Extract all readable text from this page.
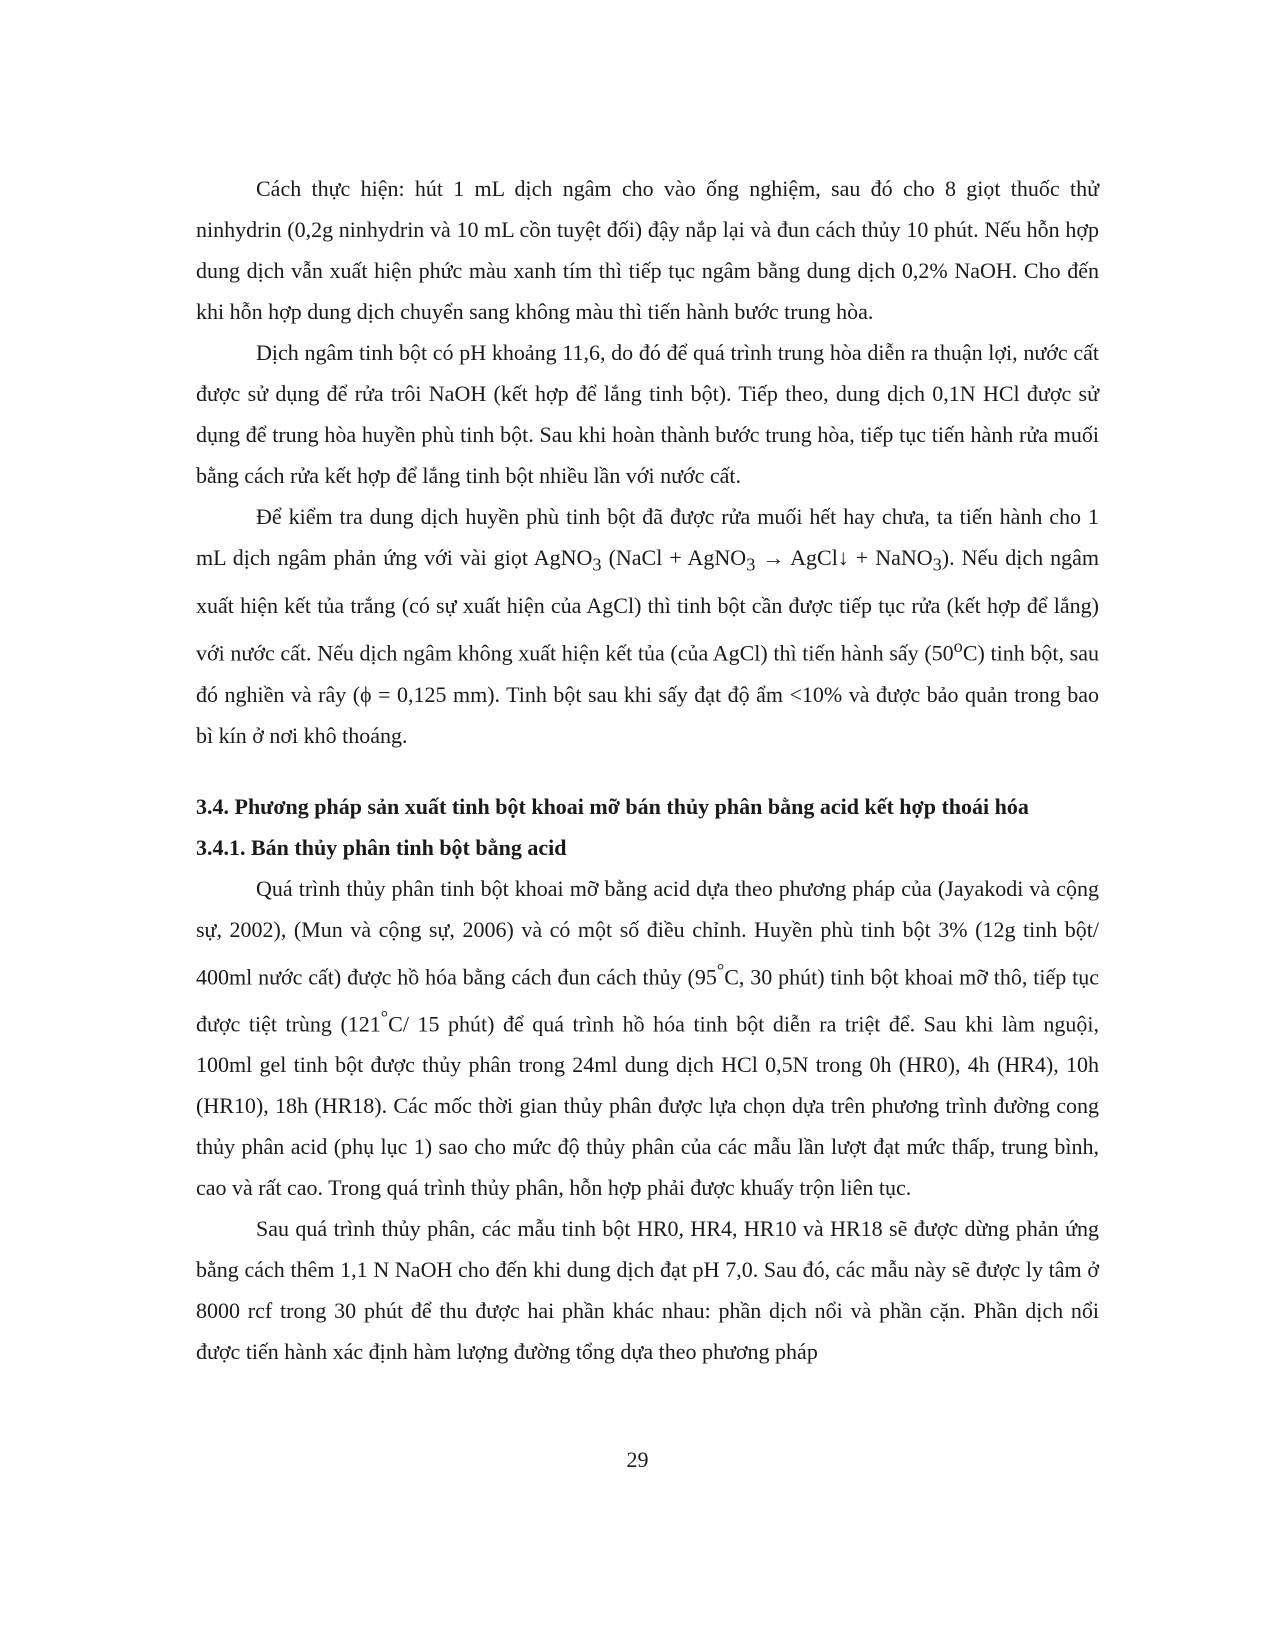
Cách thực hiện: hút 1 mL dịch ngâm cho vào ống nghiệm, sau đó cho 8 giọt thuốc thử ninhydrin (0,2g ninhydrin và 10 mL cồn tuyệt đối) đậy nắp lại và đun cách thủy 10 phút. Nếu hỗn hợp dung dịch vẫn xuất hiện phức màu xanh tím thì tiếp tục ngâm bằng dung dịch 0,2% NaOH. Cho đến khi hỗn hợp dung dịch chuyển sang không màu thì tiến hành bước trung hòa.

Dịch ngâm tinh bột có pH khoảng 11,6, do đó để quá trình trung hòa diễn ra thuận lợi, nước cất được sử dụng để rửa trôi NaOH (kết hợp để lắng tinh bột). Tiếp theo, dung dịch 0,1N HCl được sử dụng để trung hòa huyền phù tinh bột. Sau khi hoàn thành bước trung hòa, tiếp tục tiến hành rửa muối bằng cách rửa kết hợp để lắng tinh bột nhiều lần với nước cất.

Để kiểm tra dung dịch huyền phù tinh bột đã được rửa muối hết hay chưa, ta tiến hành cho 1 mL dịch ngâm phản ứng với vài giọt AgNO$_3$ (NaCl + AgNO$_3$ → AgCl↓ + NaNO$_3$). Nếu dịch ngâm xuất hiện kết tủa trắng (có sự xuất hiện của AgCl) thì tinh bột cần được tiếp tục rửa (kết hợp để lắng) với nước cất. Nếu dịch ngâm không xuất hiện kết tủa (của AgCl) thì tiến hành sấy (50$^o$C) tinh bột, sau đó nghiền và rây (ϕ = 0,125 mm). Tinh bột sau khi sấy đạt độ ẩm <10% và được bảo quản trong bao bì kín ở nơi khô thoáng.

3.4. Phương pháp sản xuất tinh bột khoai mỡ bán thủy phân bằng acid kết hợp thoái hóa
3.4.1. Bán thủy phân tinh bột bằng acid

Quá trình thủy phân tinh bột khoai mỡ bằng acid dựa theo phương pháp của (Jayakodi và cộng sự, 2002), (Mun và cộng sự, 2006) và có một số điều chỉnh. Huyền phù tinh bột 3% (12g tinh bột/ 400ml nước cất) được hồ hóa bằng cách đun cách thủy (95°C, 30 phút) tinh bột khoai mỡ thô, tiếp tục được tiệt trùng (121°C/ 15 phút) để quá trình hồ hóa tinh bột diễn ra triệt để. Sau khi làm nguội, 100ml gel tinh bột được thủy phân trong 24ml dung dịch HCl 0,5N trong 0h (HR0), 4h (HR4), 10h (HR10), 18h (HR18). Các mốc thời gian thủy phân được lựa chọn dựa trên phương trình đường cong thủy phân acid (phụ lục 1) sao cho mức độ thủy phân của các mẫu lần lượt đạt mức thấp, trung bình, cao và rất cao. Trong quá trình thủy phân, hỗn hợp phải được khuấy trộn liên tục.

Sau quá trình thủy phân, các mẫu tinh bột HR0, HR4, HR10 và HR18 sẽ được dừng phản ứng bằng cách thêm 1,1 N NaOH cho đến khi dung dịch đạt pH 7,0. Sau đó, các mẫu này sẽ được ly tâm ở 8000 rcf trong 30 phút để thu được hai phần khác nhau: phần dịch nổi và phần cặn. Phần dịch nổi được tiến hành xác định hàm lượng đường tổng dựa theo phương pháp

29
